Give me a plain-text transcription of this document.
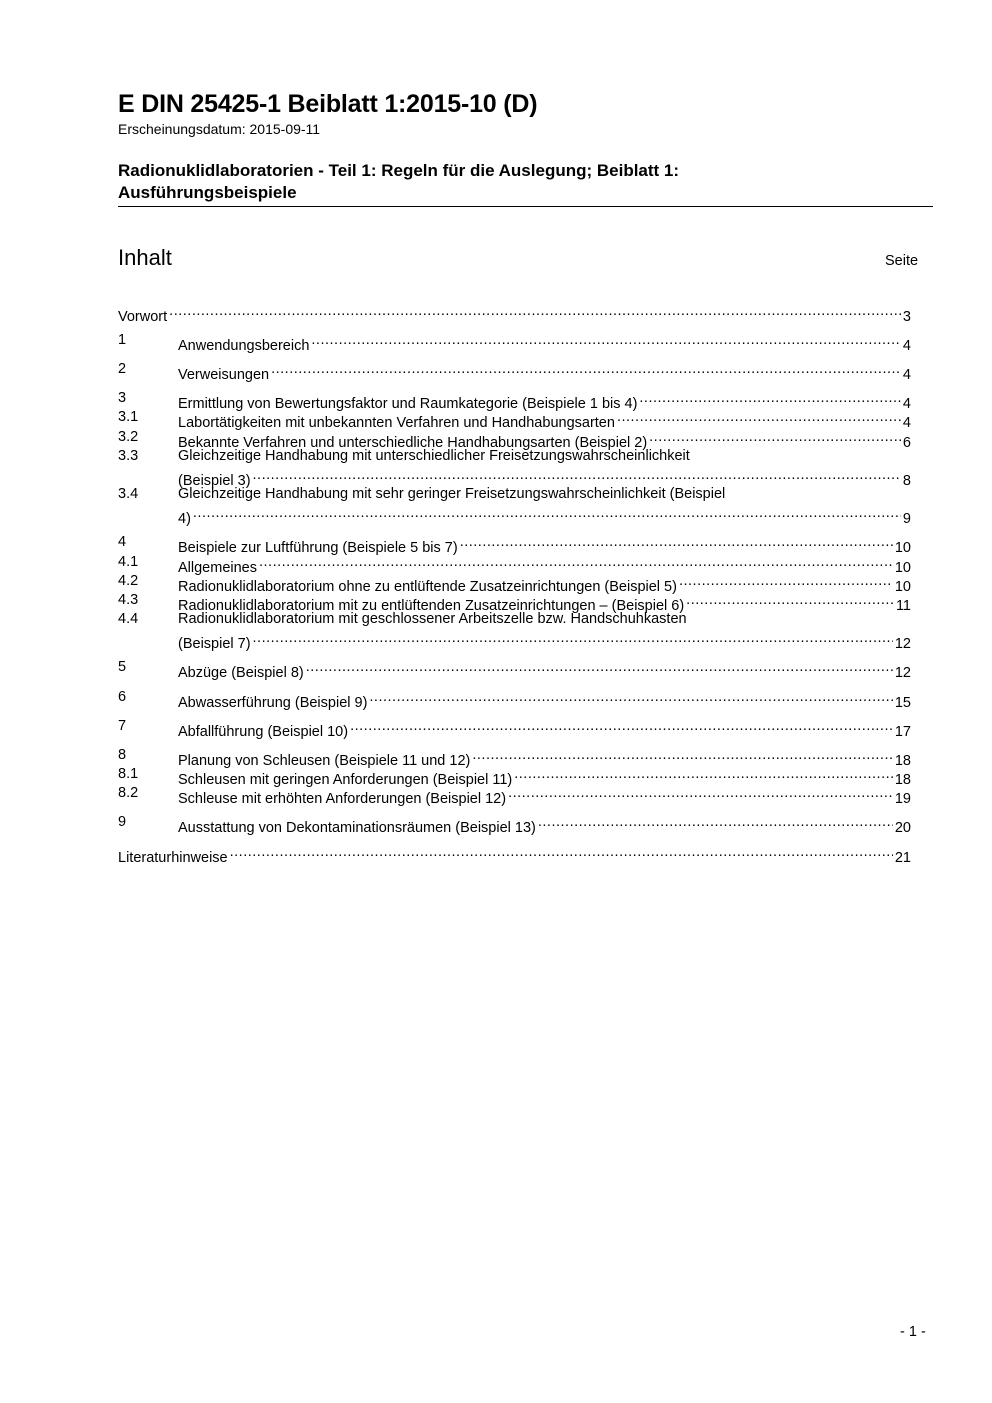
E DIN 25425-1 Beiblatt 1:2015-10 (D)
Erscheinungsdatum: 2015-09-11
Radionuklidlaboratorien - Teil 1: Regeln für die Auslegung; Beiblatt 1:
Ausführungsbeispiele
Inhalt	Seite
Vorwort .....	3
1	Anwendungsbereich .....	4
2	Verweisungen .....	4
3	Ermittlung von Bewertungsfaktor und Raumkategorie (Beispiele 1 bis 4) .....	4
3.1	Labortätigkeiten mit unbekannten Verfahren und Handhabungsarten .....	4
3.2	Bekannte Verfahren und unterschiedliche Handhabungsarten (Beispiel 2) .....	6
3.3	Gleichzeitige Handhabung mit unterschiedlicher Freisetzungswahrscheinlichkeit
(Beispiel 3) .....	8
3.4	Gleichzeitige Handhabung mit sehr geringer Freisetzungswahrscheinlichkeit (Beispiel
4) .....	9
4	Beispiele zur Luftführung (Beispiele 5 bis 7) .....	10
4.1	Allgemeines .....	10
4.2	Radionuklidlaboratorium ohne zu entlüftende Zusatzeinrichtungen (Beispiel 5) .....	10
4.3	Radionuklidlaboratorium mit zu entlüftenden Zusatzeinrichtungen – (Beispiel 6) .....	11
4.4	Radionuklidlaboratorium mit geschlossener Arbeitszelle bzw. Handschuhkasten
(Beispiel 7) .....	12
5	Abzüge (Beispiel 8) .....	12
6	Abwasserführung (Beispiel 9) .....	15
7	Abfallführung (Beispiel 10) .....	17
8	Planung von Schleusen (Beispiele 11 und 12) .....	18
8.1	Schleusen mit geringen Anforderungen (Beispiel 11) .....	18
8.2	Schleuse mit erhöhten Anforderungen (Beispiel 12) .....	19
9	Ausstattung von Dekontaminationsräumen (Beispiel 13) .....	20
Literaturhinweise .....	21
- 1 -
